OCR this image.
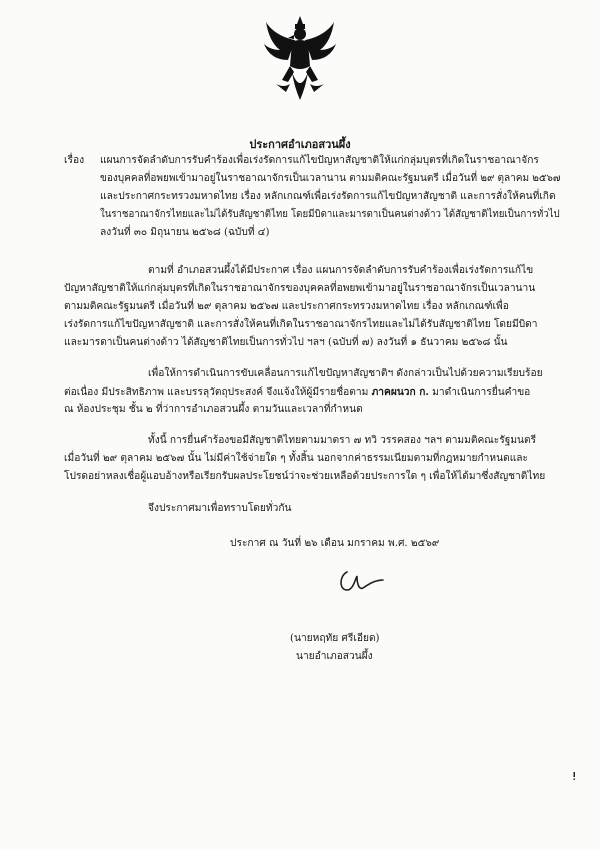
ประกาศอำเภอสวนผึ้ง
เรื่อง แผนการจัดลำดับการรับคำร้องเพื่อเร่งรัดการแก้ไขปัญหาสัญชาติให้แก่กลุ่มบุตรที่เกิดในราชอาณาจักร
ของบุคคลที่อพยพเข้ามาอยู่ในราชอาณาจักรเป็นเวลานาน ตามมติคณะรัฐมนตรี เมื่อวันที่ ๒๙ ตุลาคม ๒๕๖๗
และประกาศกระทรวงมหาดไทย เรื่อง หลักเกณฑ์เพื่อเร่งรัดการแก้ไขปัญหาสัญชาติ และการสั่งให้คนที่เกิด
ในราชอาณาจักรไทยและไม่ได้รับสัญชาติไทย โดยมีบิดาและมารดาเป็นคนต่างด้าว ได้สัญชาติไทยเป็นการทั่วไป
ลงวันที่ ๓๐ มิถุนายน ๒๕๖๘ (ฉบับที่ ๔)
ตามที่ อำเภอสวนผึ้งได้มีประกาศ เรื่อง แผนการจัดลำดับการรับคำร้องเพื่อเร่งรัดการแก้ไข
ปัญหาสัญชาติให้แก่กลุ่มบุตรที่เกิดในราชอาณาจักรของบุคคลที่อพยพเข้ามาอยู่ในราชอาณาจักรเป็นเวลานาน
ตามมติคณะรัฐมนตรี เมื่อวันที่ ๒๙ ตุลาคม ๒๕๖๗ และประกาศกระทรวงมหาดไทย เรื่อง หลักเกณฑ์เพื่อ
เร่งรัดการแก้ไขปัญหาสัญชาติ และการสั่งให้คนที่เกิดในราชอาณาจักรไทยและไม่ได้รับสัญชาติไทย โดยมีบิดา
และมารดาเป็นคนต่างด้าว ได้สัญชาติไทยเป็นการทั่วไป ฯลฯ (ฉบับที่ ๗) ลงวันที่ ๑ ธันวาคม ๒๕๖๘ นั้น
เพื่อให้การดำเนินการขับเคลื่อนการแก้ไขปัญหาสัญชาติฯ ดังกล่าวเป็นไปด้วยความเรียบร้อย
ต่อเนื่อง มีประสิทธิภาพ และบรรลุวัตถุประสงค์ จึงแจ้งให้ผู้มีรายชื่อตาม ภาคผนวก ก. มาดำเนินการยื่นคำขอ
ณ ห้องประชุม ชั้น ๒ ที่ว่าการอำเภอสวนผึ้ง ตามวันและเวลาที่กำหนด
ทั้งนี้ การยื่นคำร้องขอมีสัญชาติไทยตามมาตรา ๗ ทวิ วรรคสอง ฯลฯ ตามมติคณะรัฐมนตรี
เมื่อวันที่ ๒๙ ตุลาคม ๒๕๖๗ นั้น ไม่มีค่าใช้จ่ายใด ๆ ทั้งสิ้น นอกจากค่าธรรมเนียมตามที่กฎหมายกำหนดและ
โปรดอย่าหลงเชื่อผู้แอบอ้างหรือเรียกรับผลประโยชน์ว่าจะช่วยเหลือด้วยประการใด ๆ เพื่อให้ได้มาซึ่งสัญชาติไทย
จึงประกาศมาเพื่อทราบโดยทั่วกัน
ประกาศ ณ วันที่ ๒๖ เดือน มกราคม พ.ศ. ๒๕๖๙
(นายหฤทัย ศรีเอียด)
นายอำเภอสวนผึ้ง
